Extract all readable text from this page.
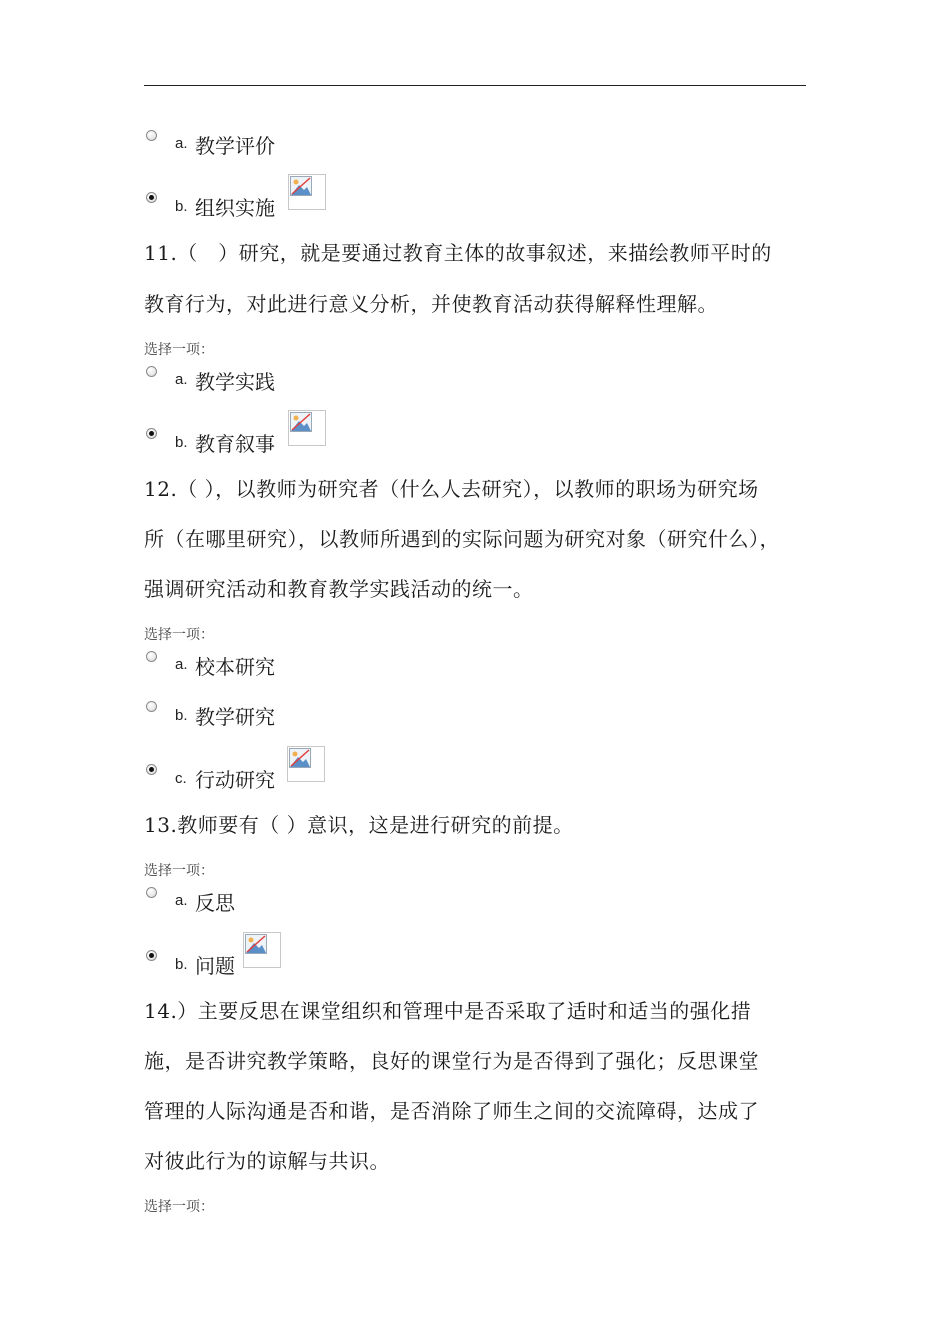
a. 教学评价
b. 组织实施
11.（　）研究，就是要通过教育主体的故事叙述，来描绘教师平时的
教育行为，对此进行意义分析，并使教育活动获得解释性理解。
选择一项：
a. 教学实践
b. 教育叙事
12.（ ），以教师为研究者（什么人去研究），以教师的职场为研究场
所（在哪里研究），以教师所遇到的实际问题为研究对象（研究什么），
强调研究活动和教育教学实践活动的统一。
选择一项：
a. 校本研究
b. 教学研究
c. 行动研究
13.教师要有（ ）意识，这是进行研究的前提。
选择一项：
a. 反思
b. 问题
14.）主要反思在课堂组织和管理中是否采取了适时和适当的强化措
施，是否讲究教学策略，良好的课堂行为是否得到了强化；反思课堂
管理的人际沟通是否和谐，是否消除了师生之间的交流障碍，达成了
对彼此行为的谅解与共识。
选择一项：
